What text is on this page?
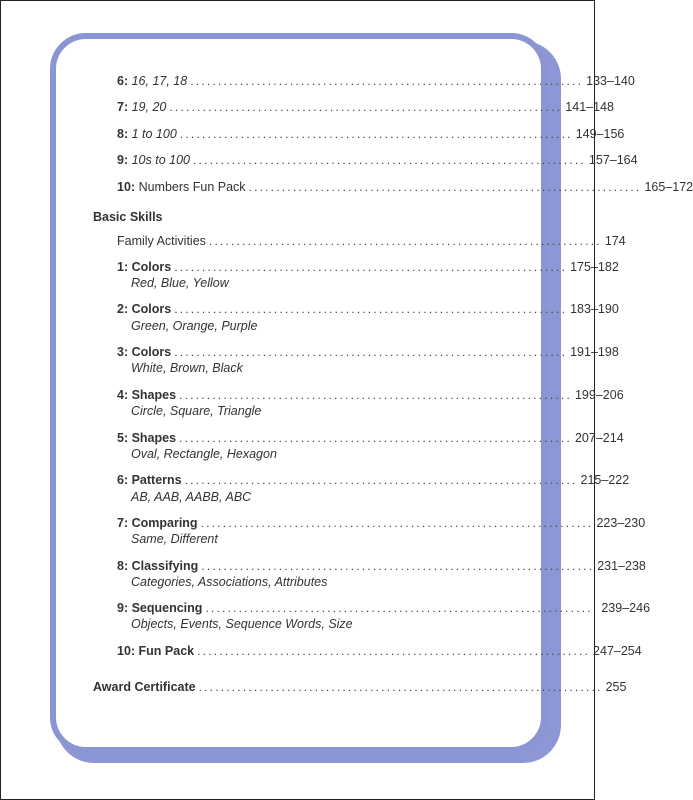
6:
16, 17, 18 ....................................................................... 133–140
7:
19, 20 ....................................................................... 141–148
8:
1 to 100 ....................................................................... 149–156
9:
10s to 100 ....................................................................... 157–164
10:
Numbers Fun Pack ....................................................................... 165–172
Basic Skills
Family Activities ....................................................................... 174
1: Colors ....................................................................... 175–182
Red, Blue, Yellow
2: Colors ....................................................................... 183–190
Green, Orange, Purple
3: Colors ....................................................................... 191–198
White, Brown, Black
4: Shapes ....................................................................... 199–206
Circle, Square, Triangle
5: Shapes ....................................................................... 207–214
Oval, Rectangle, Hexagon
6: Patterns ....................................................................... 215–222
AB, AAB, AABB, ABC
7: Comparing ....................................................................... 223–230
Same, Different
8: Classifying ....................................................................... 231–238
Categories, Associations, Attributes
9: Sequencing ....................................................................... 239–246
Objects, Events, Sequence Words, Size
10: Fun Pack ....................................................................... 247–254
Award Certificate ......................................................................... 255
